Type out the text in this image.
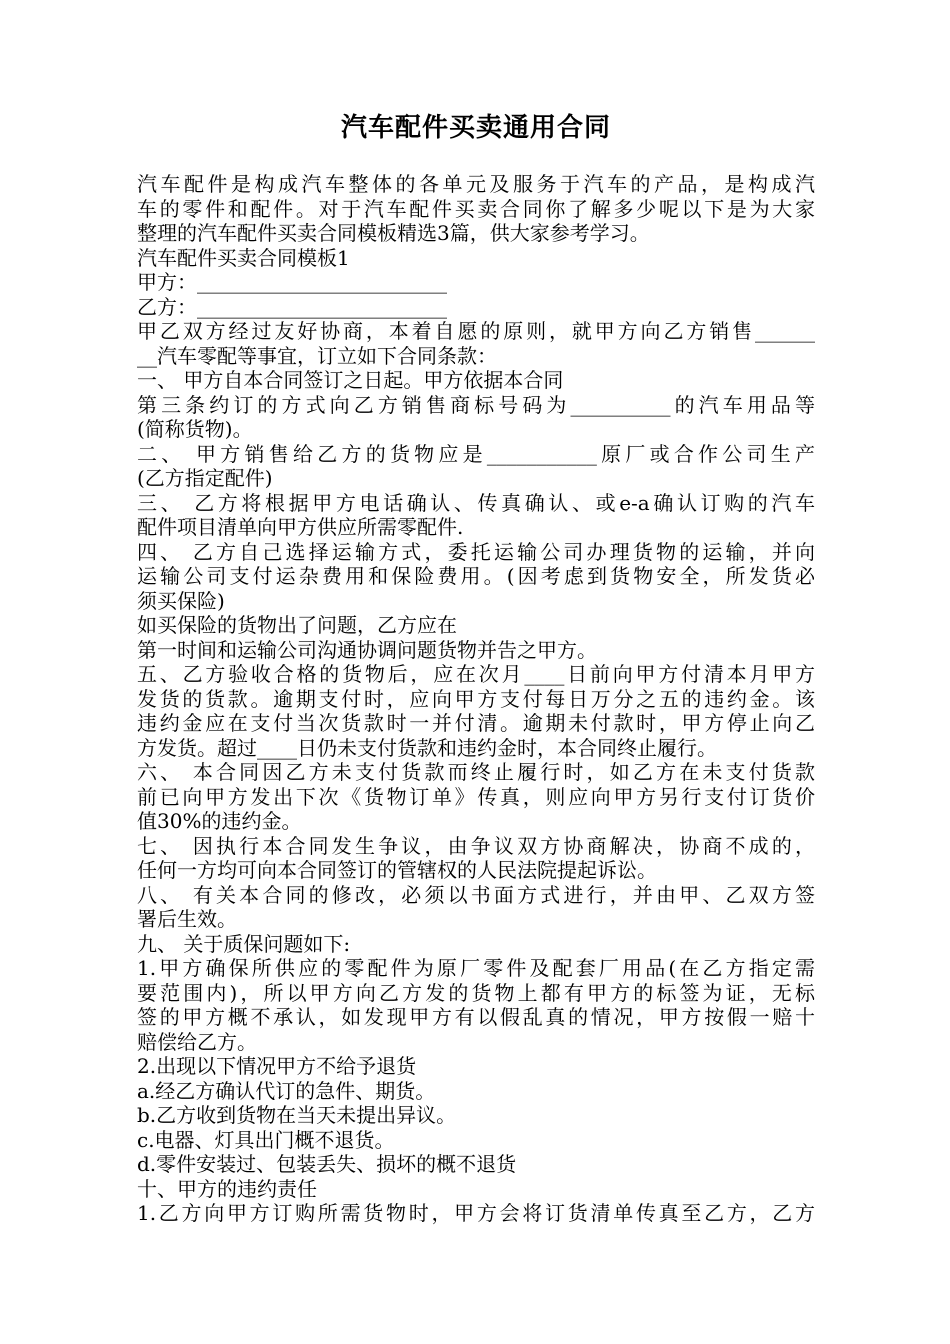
汽车配件买卖通用合同
汽车配件是构成汽车整体的各单元及服务于汽车的产品，是构成汽
车的零件和配件。对于汽车配件买卖合同你了解多少呢以下是为大家
整理的汽车配件买卖合同模板精选3篇，供大家参考学习。
汽车配件买卖合同模板1
甲方：_________________________
乙方：_________________________
甲乙双方经过友好协商，本着自愿的原则，就甲方向乙方销售______
__汽车零配等事宜，订立如下合同条款：
一、 甲方自本合同签订之日起。甲方依据本合同
第三条约订的方式向乙方销售商标号码为__________的汽车用品等
(简称货物)。
二、 甲方销售给乙方的货物应是___________原厂或合作公司生产
(乙方指定配件)
三、 乙方将根据甲方电话确认、传真确认、或e-a确认订购的汽车
配件项目清单向甲方供应所需零配件.
四、 乙方自己选择运输方式，委托运输公司办理货物的运输，并向
运输公司支付运杂费用和保险费用。(因考虑到货物安全，所发货必
须买保险)
如买保险的货物出了问题，乙方应在
第一时间和运输公司沟通协调问题货物并告之甲方。
五、乙方验收合格的货物后，应在次月____日前向甲方付清本月甲方
发货的货款。逾期支付时，应向甲方支付每日万分之五的违约金。该
违约金应在支付当次货款时一并付清。逾期未付款时，甲方停止向乙
方发货。超过____日仍未支付货款和违约金时，本合同终止履行。
六、 本合同因乙方未支付货款而终止履行时，如乙方在未支付货款
前已向甲方发出下次《货物订单》传真，则应向甲方另行支付订货价
值30%的违约金。
七、 因执行本合同发生争议，由争议双方协商解决，协商不成的，
任何一方均可向本合同签订的管辖权的人民法院提起诉讼。
八、 有关本合同的修改，必须以书面方式进行，并由甲、乙双方签
署后生效。
九、 关于质保问题如下:
1.甲方确保所供应的零配件为原厂零件及配套厂用品(在乙方指定需
要范围内)，所以甲方向乙方发的货物上都有甲方的标签为证，无标
签的甲方概不承认，如发现甲方有以假乱真的情况，甲方按假一赔十
赔偿给乙方。
2.出现以下情况甲方不给予退货
a.经乙方确认代订的急件、期货。
b.乙方收到货物在当天未提出异议。
c.电器、灯具出门概不退货。
d.零件安装过、包装丢失、损坏的概不退货
十、甲方的违约责任
1.乙方向甲方订购所需货物时，甲方会将订货清单传真至乙方，乙方
